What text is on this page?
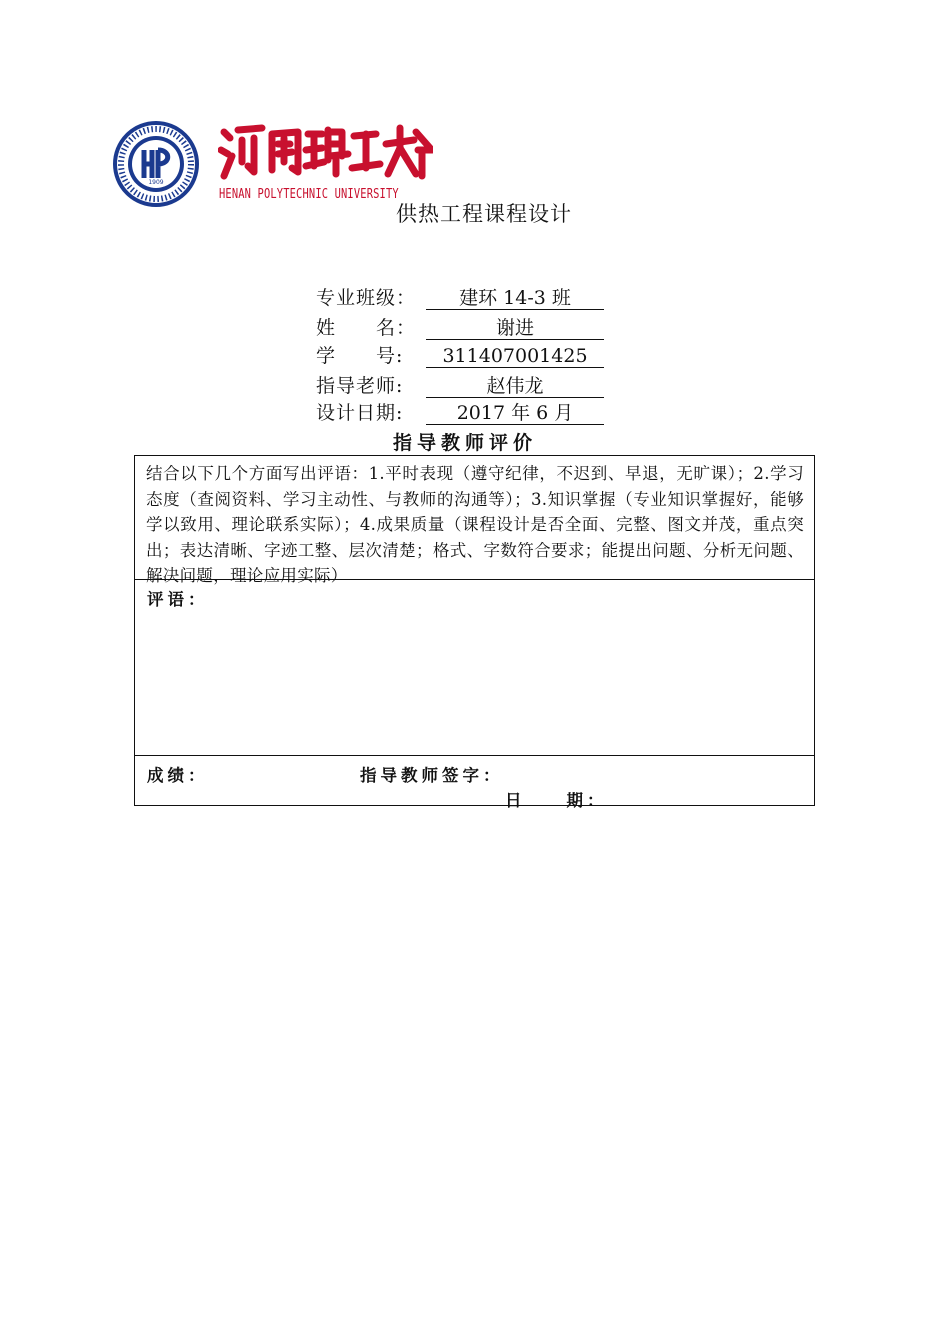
1909
HENAN POLYTECHNIC UNIVERSITY
供热工程课程设计
专业班级：	建环 14-3 班
姓　　名：	谢进
学　　号:	311407001425
指导老师:	赵伟龙
设计日期:	2017 年 6 月
指导教师评价
结合以下几个方面写出评语：1.平时表现（遵守纪律，不迟到、早退，无旷课）；2.学习态度（查阅资料、学习主动性、与教师的沟通等）；3.知识掌握（专业知识掌握好，能够学以致用、理论联系实际）；4.成果质量（课程设计是否全面、完整、图文并茂，重点突出；表达清晰、字迹工整、层次清楚；格式、字数符合要求；能提出问题、分析无问题、解决问题，理论应用实际）
评语：
成绩：	指导教师签字：
日　　期：
